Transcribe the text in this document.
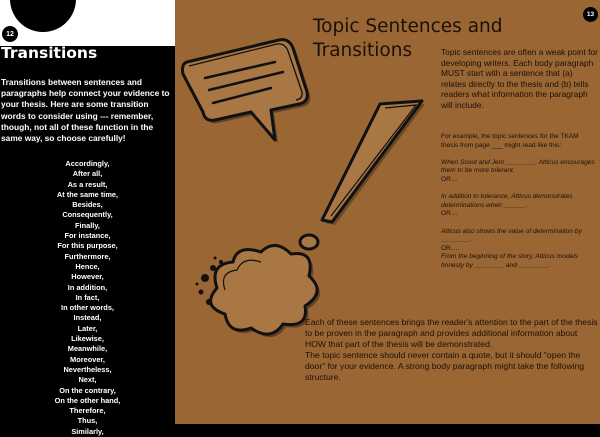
12
Transitions
Transitions between sentences and paragraphs help connect your evidence to your thesis. Here are some transition words to consider using --- remember, though, not all of these function in the same way, so choose carefully!
Accordingly,
After all,
As a result,
At the same time,
Besides,
Consequently,
Finally,
For instance,
For this purpose,
Furthermore,
Hence,
However,
In addition,
In fact,
In other words,
Instead,
Later,
Likewise,
Meanwhile,
Moreover,
Nevertheless,
Next,
On the contrary,
On the other hand,
Therefore,
Thus,
Similarly,
13
Topic Sentences and
Transitions	Topic sentences are often a weak point for developing writers. Each body paragraph MUST start with a sentence that (a) relates directly to the thesis and (b) tells readers what information the paragraph will include.

For example, the topic sentences for the TKAM thesis from page ___ might read like this:

When Scout and Jem ________, Atticus encourages them to be more tolerant.

OR…

In addition to tolerance, Atticus demonstrates determinations when ______.

OR…

Atticus also shows the value of determination by ________.

OR….

From the beginning of the story, Atticus models honesty by ________ and ________.

Each of these sentences brings the reader's attention to the part of the thesis to be proven in the paragraph and provides additional information about HOW that part of the thesis will be demonstrated.

The topic sentence should never contain a quote, but it should "open the door" for your evidence. A strong body paragraph might take the following structure.
